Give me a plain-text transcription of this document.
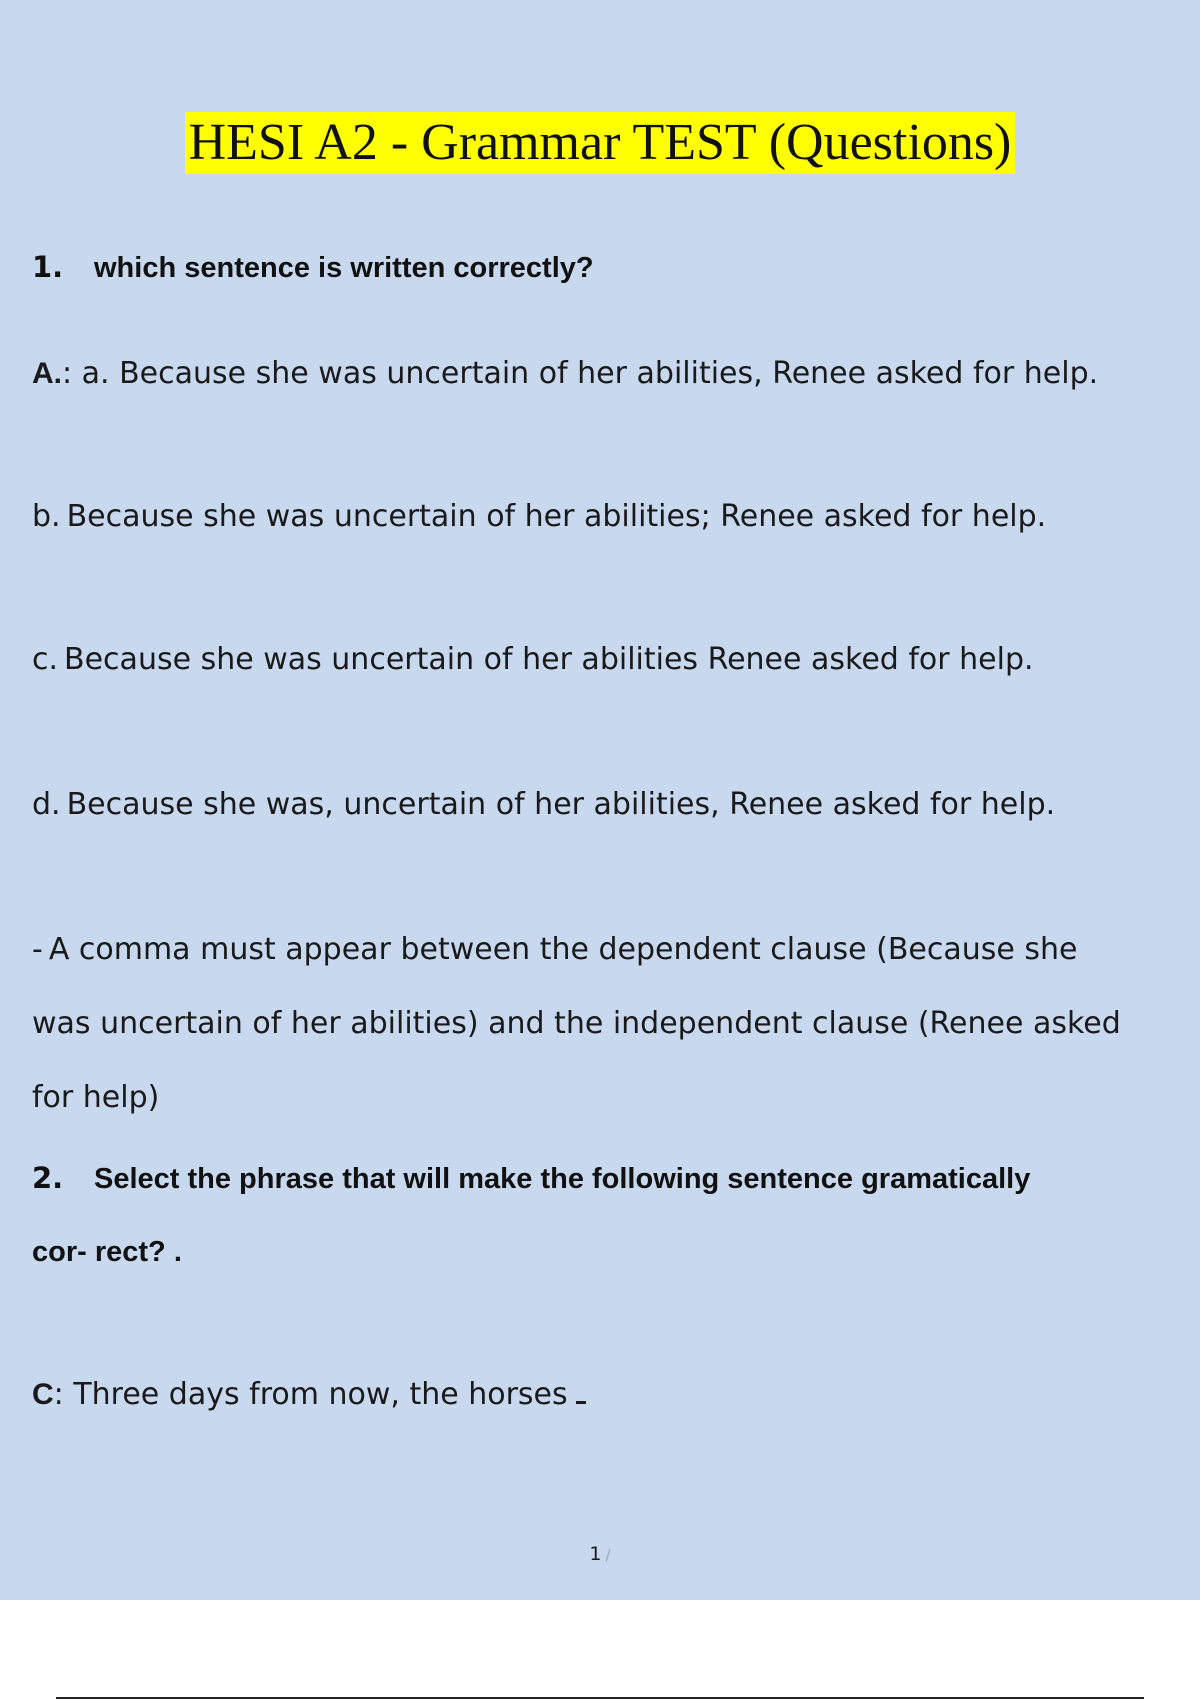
HESI A2 - Grammar TEST (Questions)
1. which sentence is written correctly?
A.: a. Because she was uncertain of her abilities, Renee asked for help.
b. Because she was uncertain of her abilities; Renee asked for help.
c. Because she was uncertain of her abilities Renee asked for help.
d. Because she was, uncertain of her abilities, Renee asked for help.
- A comma must appear between the dependent clause (Because she
was uncertain of her abilities) and the independent clause (Renee asked
for help)
2. Select the phrase that will make the following sentence gramatically
cor- rect? .
C: Three days from now, the horses
1 /
